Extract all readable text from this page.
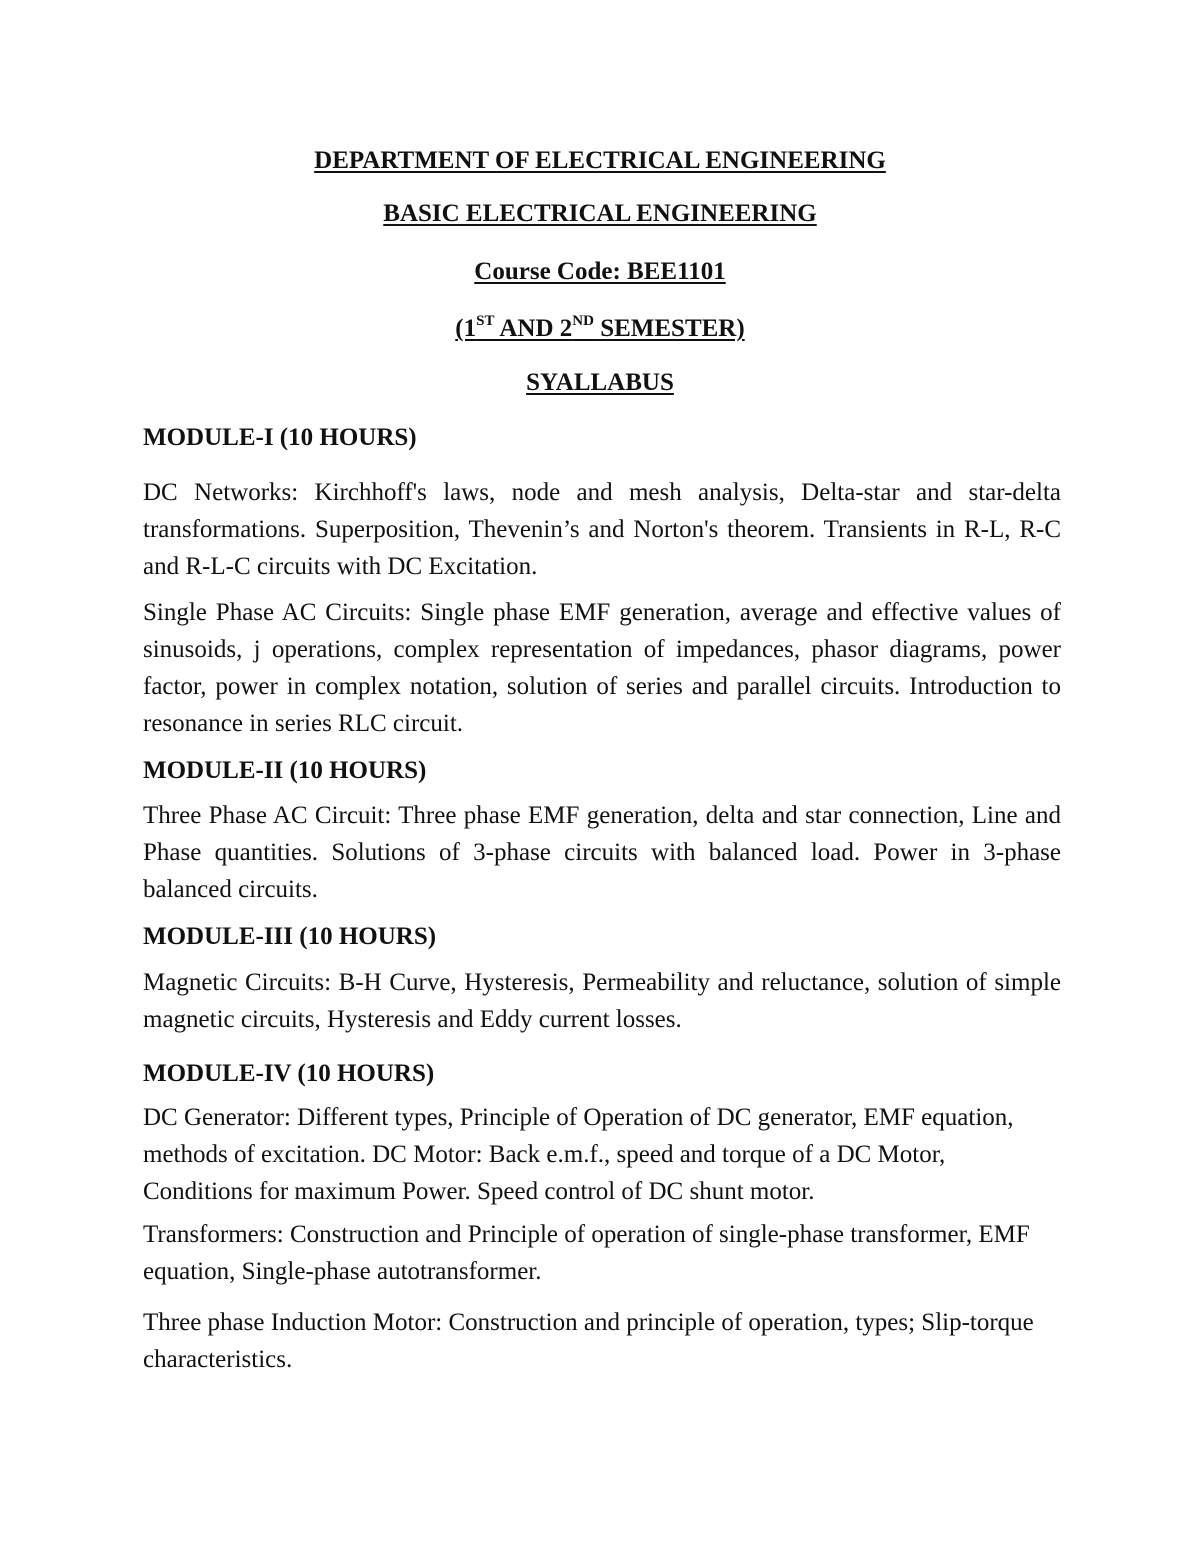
DEPARTMENT OF ELECTRICAL ENGINEERING
BASIC ELECTRICAL ENGINEERING
Course Code: BEE1101
(1ST AND 2ND SEMESTER)
SYALLABUS
MODULE-I (10 HOURS)
DC Networks: Kirchhoff's laws, node and mesh analysis, Delta-star and star-delta transformations. Superposition, Thevenin’s and Norton's theorem. Transients in R-L, R-C and R-L-C circuits with DC Excitation.
Single Phase AC Circuits: Single phase EMF generation, average and effective values of sinusoids, j operations, complex representation of impedances, phasor diagrams, power factor, power in complex notation, solution of series and parallel circuits. Introduction to resonance in series RLC circuit.
MODULE-II (10 HOURS)
Three Phase AC Circuit: Three phase EMF generation, delta and star connection, Line and Phase quantities. Solutions of 3-phase circuits with balanced load. Power in 3-phase balanced circuits.
MODULE-III (10 HOURS)
Magnetic Circuits: B-H Curve, Hysteresis, Permeability and reluctance, solution of simple magnetic circuits, Hysteresis and Eddy current losses.
MODULE-IV (10 HOURS)
DC Generator: Different types, Principle of Operation of DC generator, EMF equation, methods of excitation. DC Motor: Back e.m.f., speed and torque of a DC Motor, Conditions for maximum Power. Speed control of DC shunt motor.
Transformers: Construction and Principle of operation of single-phase transformer, EMF equation, Single-phase autotransformer.
Three phase Induction Motor: Construction and principle of operation, types; Slip-torque characteristics.
